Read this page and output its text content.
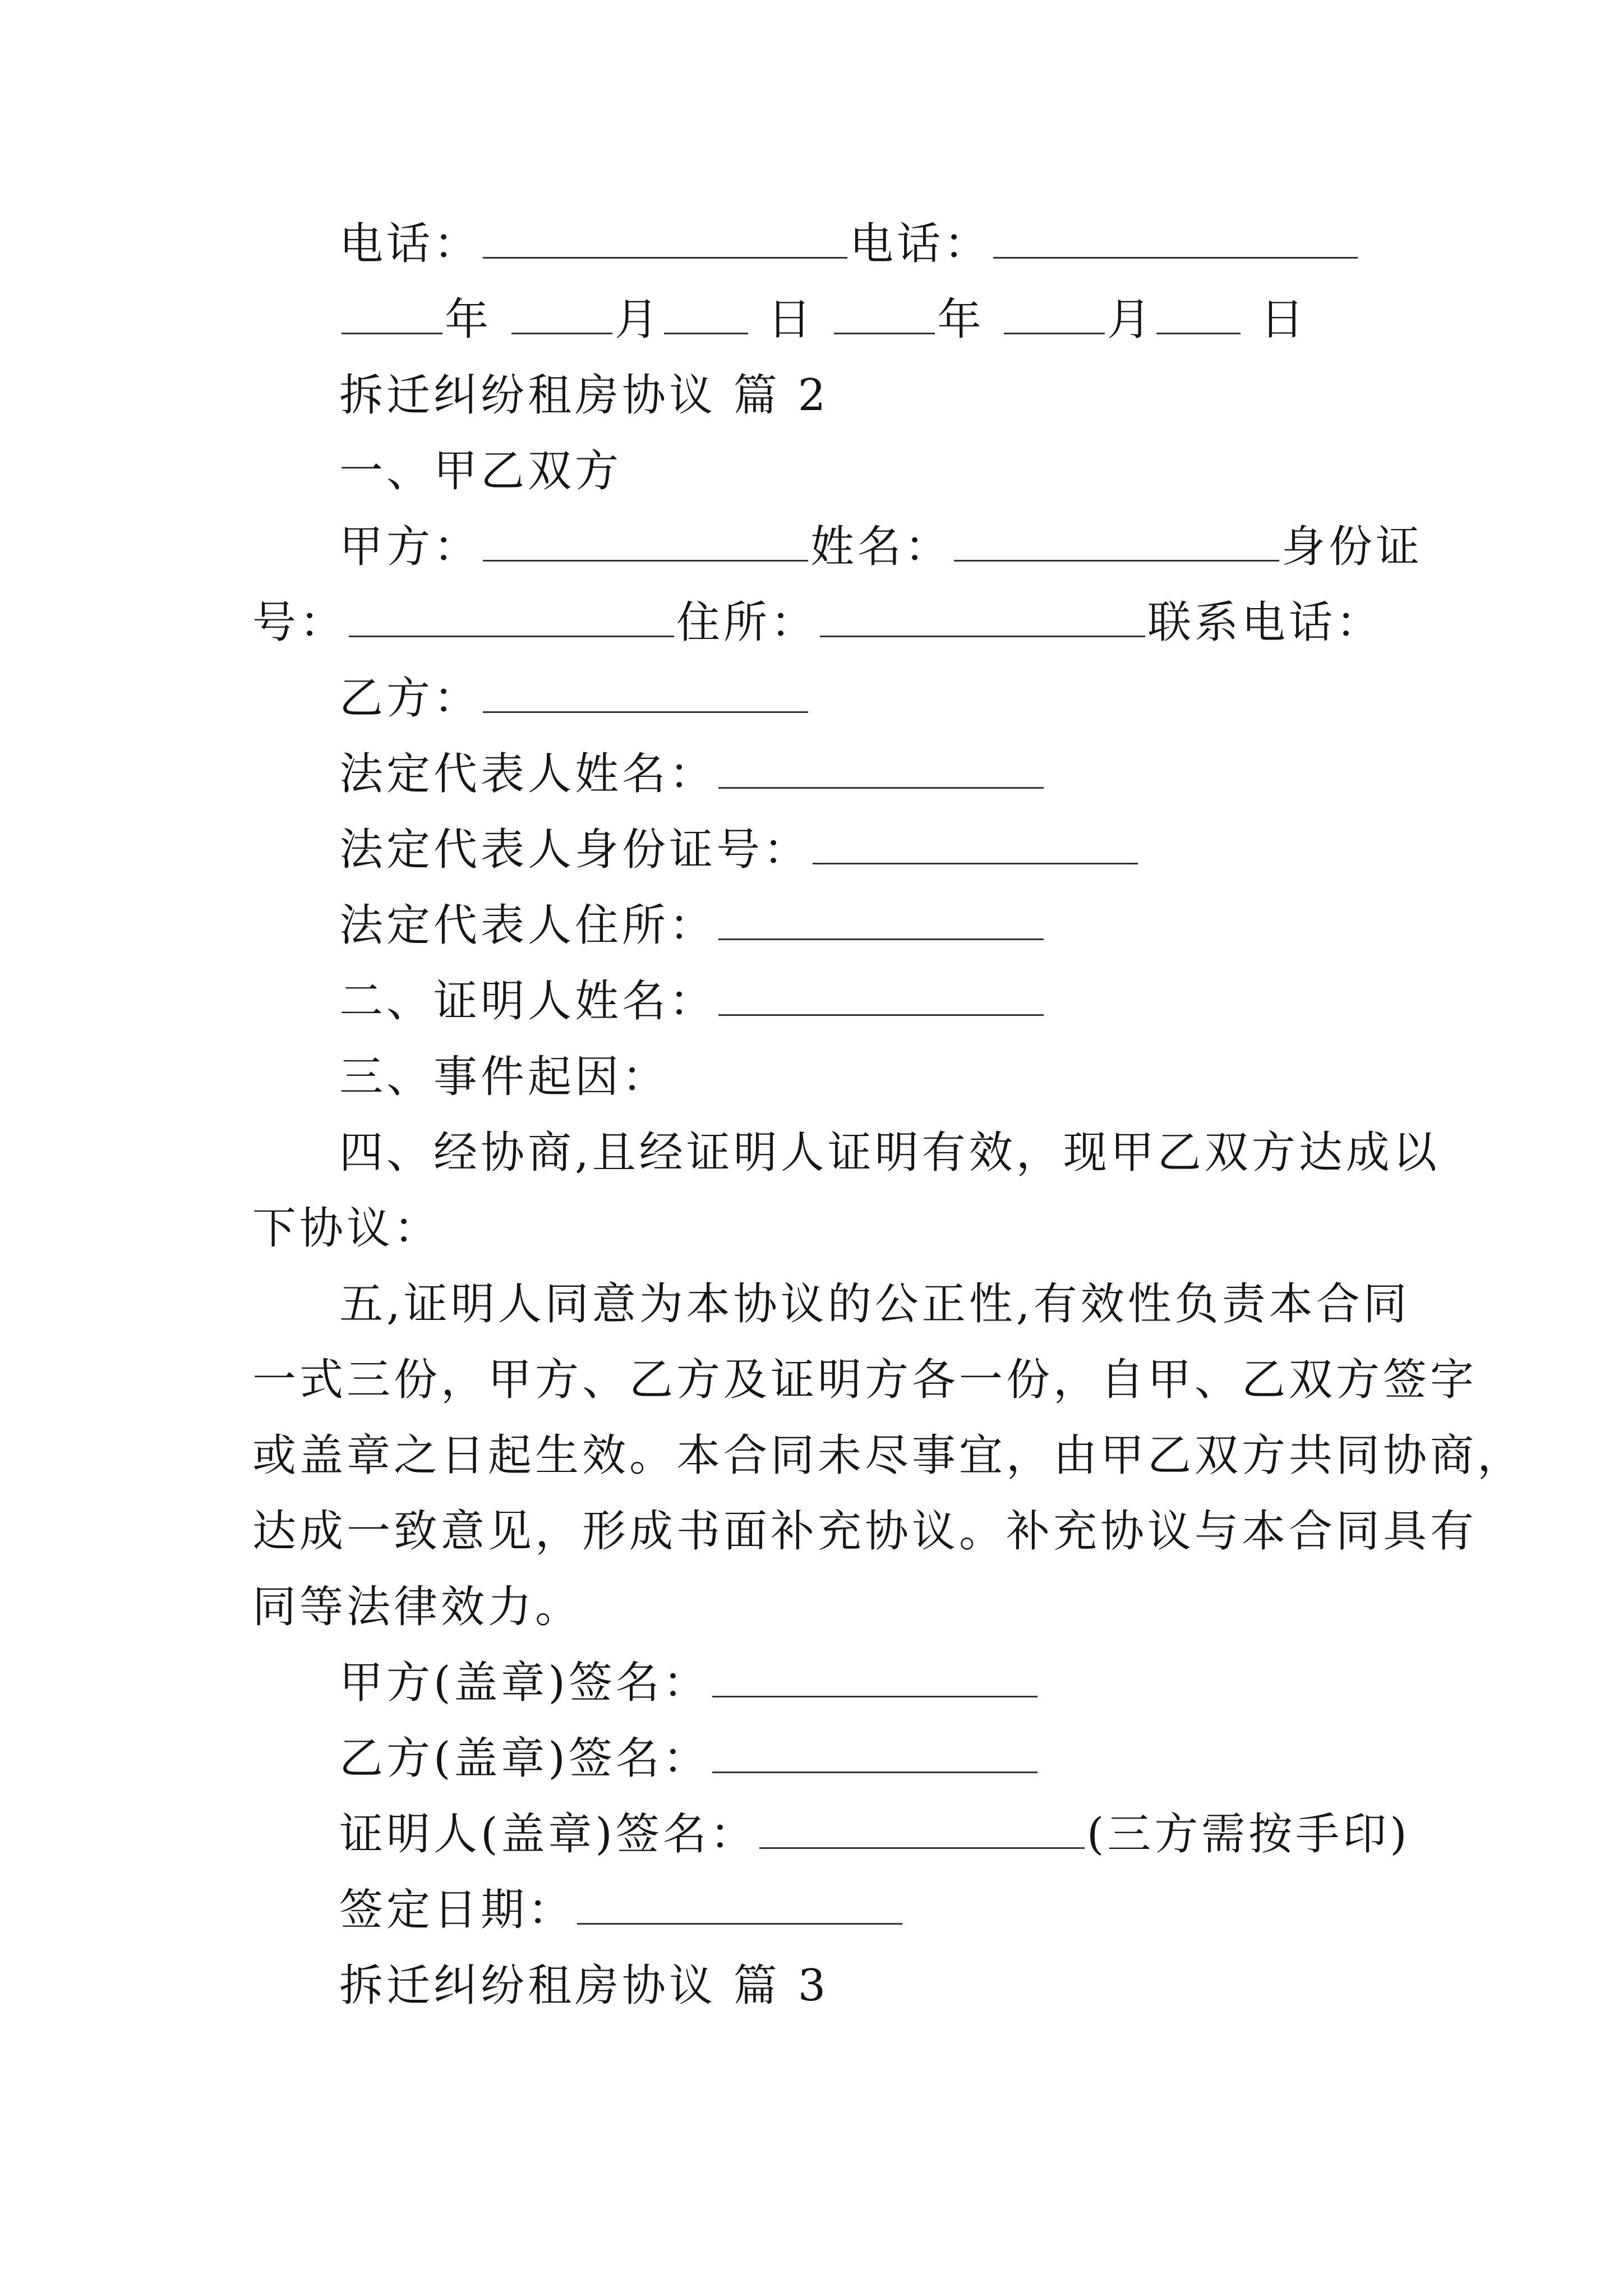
电话：	电话：
年	月 日	年	月 日
拆迁纠纷租房协议 篇 2
一、甲乙双方
甲方：	姓名：	身份证
号：	住所：	联系电话：
乙方：
法定代表人姓名：
法定代表人身份证号：
法定代表人住所：
二、证明人姓名：
三、事件起因：
四、经协商,且经证明人证明有效，现甲乙双方达成以
下协议：
五,证明人同意为本协议的公正性,有效性负责本合同
一式三份，甲方、乙方及证明方各一份，自甲、乙双方签字
或盖章之日起生效。本合同未尽事宜，由甲乙双方共同协商，
达成一致意见，形成书面补充协议。补充协议与本合同具有
同等法律效力。
甲方(盖章)签名：
乙方(盖章)签名：
证明人(盖章)签名：	(三方需按手印)
签定日期：
拆迁纠纷租房协议 篇 3
